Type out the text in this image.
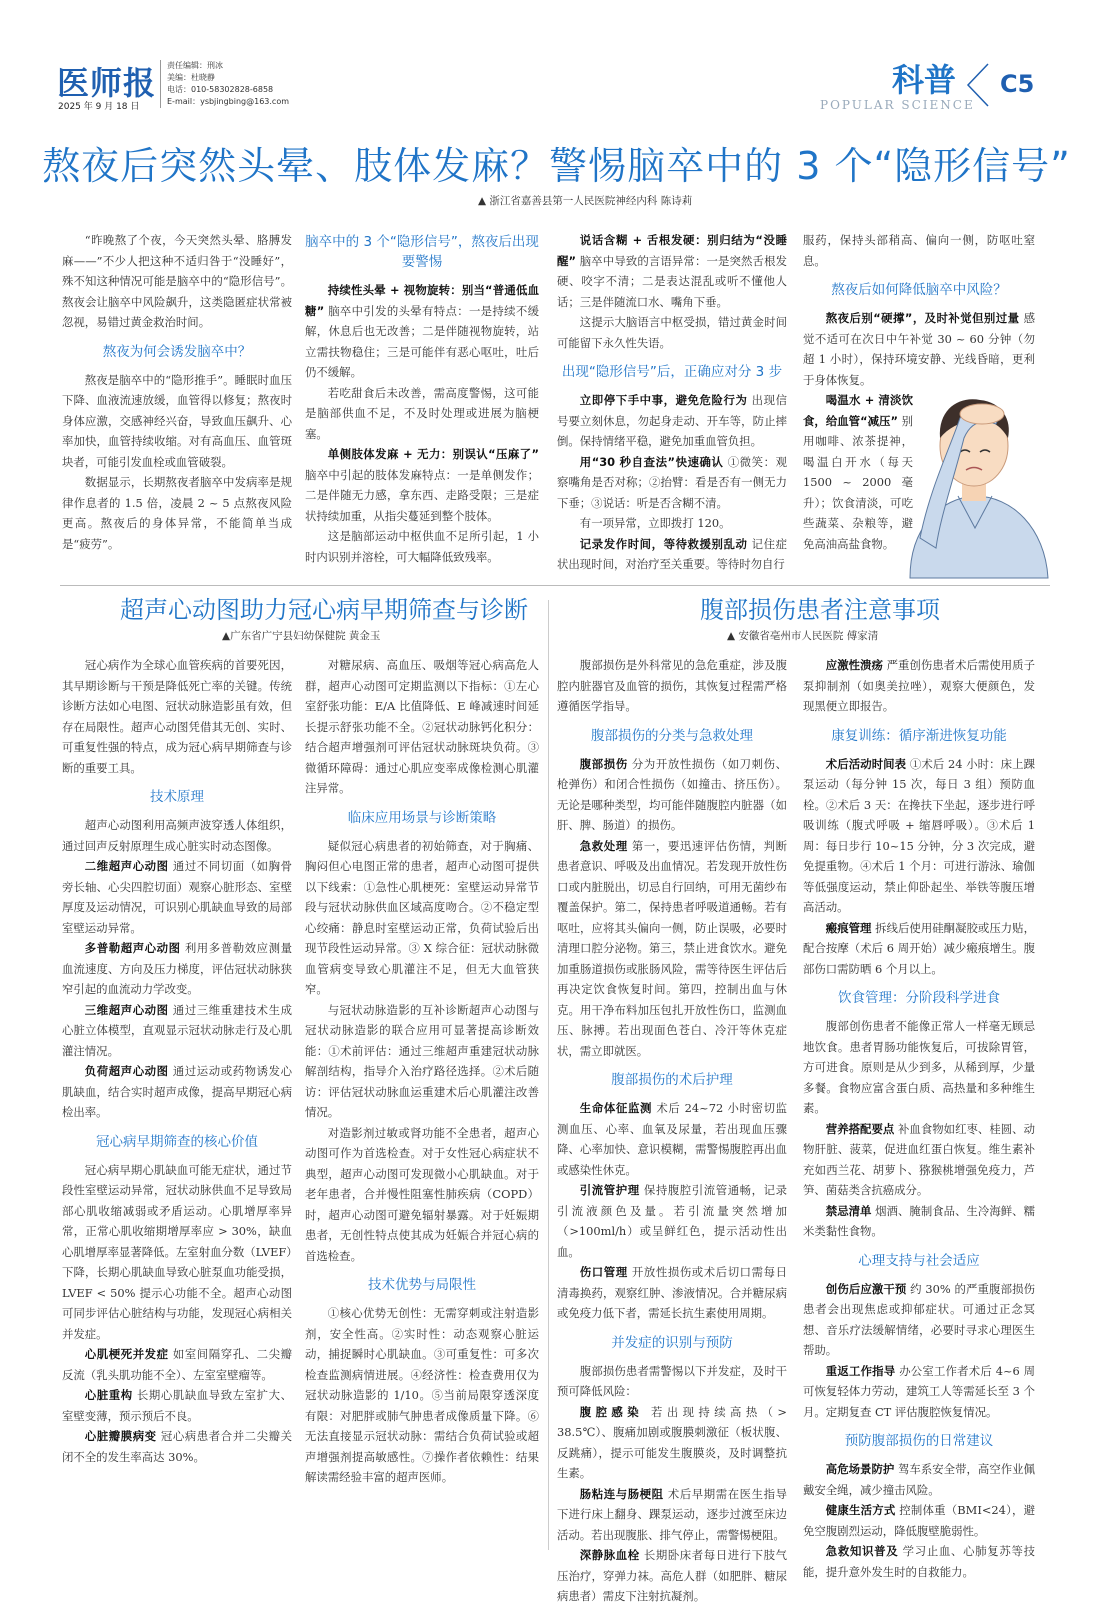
医师报
2025 年 9 月 18 日
责任编辑：刑冰
美编：杜晓静
电话：010-58302828-6858
E-mail：ysbjingbing@163.com
科普
POPULAR SCIENCE
C5
熬夜后突然头晕、肢体发麻？警惕脑卒中的 3 个“隐形信号”
▲ 浙江省嘉善县第一人民医院神经内科 陈诗莉

“昨晚熬了个夜，今天突然头晕、胳膊发麻——”不少人把这种不适归咎于“没睡好”，殊不知这种情况可能是脑卒中的“隐形信号”。熬夜会让脑卒中风险飙升，这类隐匿症状常被忽视，易错过黄金救治时间。

熬夜为何会诱发脑卒中？

熬夜是脑卒中的“隐形推手”。睡眠时血压下降、血液流速放缓，血管得以修复；熬夜时身体应激，交感神经兴奋，导致血压飙升、心率加快，血管持续收缩。对有高血压、血管斑块者，可能引发血栓或血管破裂。

数据显示，长期熬夜者脑卒中发病率是规律作息者的 1.5 倍，凌晨 2 ~ 5 点熬夜风险更高。熬夜后的身体异常，不能简单当成是“疲劳”。

脑卒中的 3 个“隐形信号”，熬夜后出现要警惕

持续性头晕 + 视物旋转：别当“普通低血糖” 脑卒中引发的头晕有特点：一是持续不缓解，休息后也无改善；二是伴随视物旋转，站立需扶物稳住；三是可能伴有恶心呕吐，吐后仍不缓解。

若吃甜食后未改善，需高度警惕，这可能是脑部供血不足，不及时处理或进展为脑梗塞。

单侧肢体发麻 + 无力：别误认“压麻了” 脑卒中引起的肢体发麻特点：一是单侧发作；二是伴随无力感，拿东西、走路受限；三是症状持续加重，从指尖蔓延到整个肢体。

这是脑部运动中枢供血不足所引起，1 小时内识别并溶栓，可大幅降低致残率。

说话含糊 + 舌根发硬：别归结为“没睡醒” 脑卒中导致的言语异常：一是突然舌根发硬、咬字不清；二是表达混乱或听不懂他人话；三是伴随流口水、嘴角下垂。

这提示大脑语言中枢受损，错过黄金时间可能留下永久性失语。

出现“隐形信号”后，正确应对分 3 步

立即停下手中事，避免危险行为 出现信号要立刻休息，勿起身走动、开车等，防止摔倒。保持情绪平稳，避免加重血管负担。

用“30 秒自查法”快速确认 ①微笑：观察嘴角是否对称；②抬臂：看是否有一侧无力下垂；③说话：听是否含糊不清。

有一项异常，立即拨打 120。

记录发作时间，等待救援别乱动 记住症状出现时间，对治疗至关重要。等待时勿自行

服药，保持头部稍高、偏向一侧，防呕吐窒息。

熬夜后如何降低脑卒中风险？

熬夜后别“硬撑”，及时补觉但别过量 感觉不适可在次日中午补觉 30 ~ 60 分钟（勿超 1 小时），保持环境安静、光线昏暗，更利于身体恢复。

喝温水 + 清淡饮食，给血管“减压” 别用咖啡、浓茶提神，喝温白开水（每天 1500 ~ 2000 毫升）；饮食清淡，可吃些蔬菜、杂粮等，避免高油高盐食物。

超声心动图助力冠心病早期筛查与诊断
▲广东省广宁县妇幼保健院 黄金玉

冠心病作为全球心血管疾病的首要死因，其早期诊断与干预是降低死亡率的关键。传统诊断方法如心电图、冠状动脉造影虽有效，但存在局限性。超声心动图凭借其无创、实时、可重复性强的特点，成为冠心病早期筛查与诊断的重要工具。

技术原理

超声心动图利用高频声波穿透人体组织，通过回声反射原理生成心脏实时动态图像。

二维超声心动图 通过不同切面（如胸骨旁长轴、心尖四腔切面）观察心脏形态、室壁厚度及运动情况，可识别心肌缺血导致的局部室壁运动异常。

多普勒超声心动图 利用多普勒效应测量血流速度、方向及压力梯度，评估冠状动脉狭窄引起的血流动力学改变。

三维超声心动图 通过三维重建技术生成心脏立体模型，直观显示冠状动脉走行及心肌灌注情况。

负荷超声心动图 通过运动或药物诱发心肌缺血，结合实时超声成像，提高早期冠心病检出率。

冠心病早期筛查的核心价值

冠心病早期心肌缺血可能无症状，通过节段性室壁运动异常，冠状动脉供血不足导致局部心肌收缩减弱或矛盾运动。心肌增厚率异常，正常心肌收缩期增厚率应 > 30%，缺血心肌增厚率显著降低。左室射血分数（LVEF）下降，长期心肌缺血导致心脏泵血功能受损，LVEF < 50% 提示心功能不全。超声心动图可同步评估心脏结构与功能，发现冠心病相关并发症。

心肌梗死并发症 如室间隔穿孔、二尖瓣反流（乳头肌功能不全）、左室室壁瘤等。

心脏重构 长期心肌缺血导致左室扩大、室壁变薄，预示预后不良。

心脏瓣膜病变 冠心病患者合并二尖瓣关闭不全的发生率高达 30%。

对糖尿病、高血压、吸烟等冠心病高危人群，超声心动图可定期监测以下指标：①左心室舒张功能：E/A 比值降低、E 峰减速时间延长提示舒张功能不全。②冠状动脉钙化积分：结合超声增强剂可评估冠状动脉斑块负荷。③微循环障碍：通过心肌应变率成像检测心肌灌注异常。

临床应用场景与诊断策略

疑似冠心病患者的初始筛查，对于胸痛、胸闷但心电图正常的患者，超声心动图可提供以下线索：①急性心肌梗死：室壁运动异常节段与冠状动脉供血区域高度吻合。②不稳定型心绞痛：静息时室壁运动正常，负荷试验后出现节段性运动异常。③ X 综合征：冠状动脉微血管病变导致心肌灌注不足，但无大血管狭窄。

与冠状动脉造影的互补诊断超声心动图与冠状动脉造影的联合应用可显著提高诊断效能：①术前评估：通过三维超声重建冠状动脉解剖结构，指导介入治疗路径选择。②术后随访：评估冠状动脉血运重建术后心肌灌注改善情况。

对造影剂过敏或肾功能不全患者，超声心动图可作为首选检查。对于女性冠心病症状不典型，超声心动图可发现微小心肌缺血。对于老年患者，合并慢性阻塞性肺疾病（COPD）时，超声心动图可避免辐射暴露。对于妊娠期患者，无创性特点使其成为妊娠合并冠心病的首选检查。

技术优势与局限性

①核心优势无创性：无需穿刺或注射造影剂，安全性高。②实时性：动态观察心脏运动，捕捉瞬时心肌缺血。③可重复性：可多次检查监测病情进展。④经济性：检查费用仅为冠状动脉造影的 1/10。⑤当前局限穿透深度有限：对肥胖或肺气肿患者成像质量下降。⑥无法直接显示冠状动脉：需结合负荷试验或超声增强剂提高敏感性。⑦操作者依赖性：结果解读需经验丰富的超声医师。

腹部损伤患者注意事项
▲ 安徽省亳州市人民医院 傅家清

腹部损伤是外科常见的急危重症，涉及腹腔内脏器官及血管的损伤，其恢复过程需严格遵循医学指导。

腹部损伤的分类与急救处理

腹部损伤 分为开放性损伤（如刀刺伤、枪弹伤）和闭合性损伤（如撞击、挤压伤）。无论是哪种类型，均可能伴随腹腔内脏器（如肝、脾、肠道）的损伤。

急救处理 第一，要迅速评估伤情，判断患者意识、呼吸及出血情况。若发现开放性伤口或内脏脱出，切忌自行回纳，可用无菌纱布覆盖保护。第二，保持患者呼吸道通畅。若有呕吐，应将其头偏向一侧，防止误吸，必要时清理口腔分泌物。第三，禁止进食饮水。避免加重肠道损伤或胀肠风险，需等待医生评估后再决定饮食恢复时间。第四，控制出血与休克。用干净布料加压包扎开放性伤口，监测血压、脉搏。若出现面色苍白、冷汗等休克症状，需立即就医。

腹部损伤的术后护理

生命体征监测 术后 24~72 小时密切监测血压、心率、血氧及尿量，若出现血压骤降、心率加快、意识模糊，需警惕腹腔再出血或感染性休克。

引流管护理 保持腹腔引流管通畅，记录引流液颜色及量。若引流量突然增加（>100ml/h）或呈鲜红色，提示活动性出血。

伤口管理 开放性损伤或术后切口需每日清毒换药，观察红肿、渗液情况。合并糖尿病或免疫力低下者，需延长抗生素使用周期。

并发症的识别与预防

腹部损伤患者需警惕以下并发症，及时干预可降低风险：

腹腔感染 若出现持续高热（> 38.5℃）、腹痛加剧或腹膜刺激征（板状腹、反跳痛），提示可能发生腹膜炎，及时调整抗生素。

肠粘连与肠梗阻 术后早期需在医生指导下进行床上翻身、踝泵运动，逐步过渡至床边活动。若出现腹胀、排气停止，需警惕梗阻。

深静脉血栓 长期卧床者每日进行下肢气压治疗，穿弹力袜。高危人群（如肥胖、糖尿病患者）需皮下注射抗凝剂。

应激性溃疡 严重创伤患者术后需使用质子泵抑制剂（如奥美拉唑），观察大便颜色，发现黑便立即报告。

康复训练：循序渐进恢复功能

术后活动时间表 ①术后 24 小时：床上踝泵运动（每分钟 15 次，每日 3 组）预防血栓。②术后 3 天：在搀扶下坐起，逐步进行呼吸训练（腹式呼吸 + 缩唇呼吸）。③术后 1 周：每日步行 10~15 分钟，分 3 次完成，避免提重物。④术后 1 个月：可进行游泳、瑜伽等低强度运动，禁止仰卧起坐、举铁等腹压增高活动。

瘢痕管理 拆线后使用硅酮凝胶或压力贴，配合按摩（术后 6 周开始）减少瘢痕增生。腹部伤口需防晒 6 个月以上。

饮食管理：分阶段科学进食

腹部创伤患者不能像正常人一样毫无顾忌地饮食。患者胃肠功能恢复后，可拔除胃管，方可进食。原则是从少到多，从稀到厚，少量多餐。食物应富含蛋白质、高热量和多种维生素。

营养搭配要点 补血食物如红枣、桂圆、动物肝脏、菠菜，促进血红蛋白恢复。维生素补充如西兰花、胡萝卜、猕猴桃增强免疫力，芦笋、菌菇类含抗癌成分。

禁忌清单 烟酒、腌制食品、生冷海鲜、糯米类黏性食物。

心理支持与社会适应

创伤后应激干预 约 30% 的严重腹部损伤患者会出现焦虑或抑郁症状。可通过正念冥想、音乐疗法缓解情绪，必要时寻求心理医生帮助。

重返工作指导 办公室工作者术后 4~6 周可恢复轻体力劳动，建筑工人等需延长至 3 个月。定期复查 CT 评估腹腔恢复情况。

预防腹部损伤的日常建议

高危场景防护 驾车系安全带，高空作业佩戴安全绳，减少撞击风险。

健康生活方式 控制体重（BMI<24），避免空腹剧烈运动，降低腹壁脆弱性。

急救知识普及 学习止血、心肺复苏等技能，提升意外发生时的自救能力。
